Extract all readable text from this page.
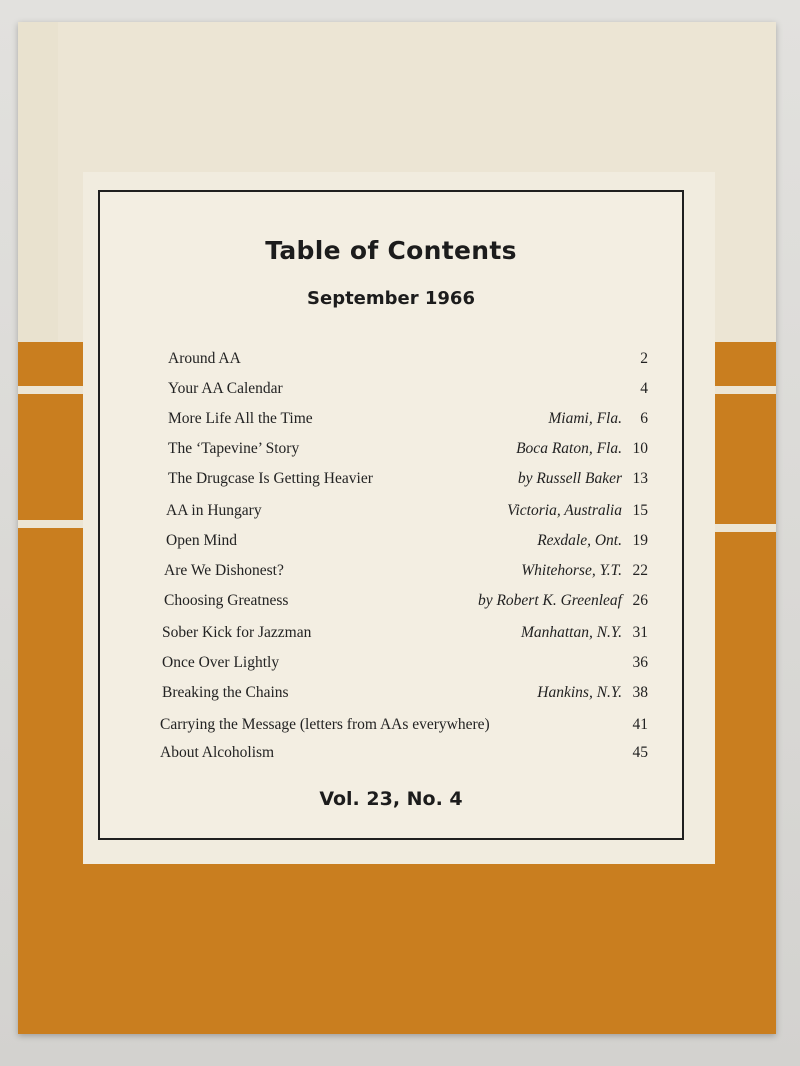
Table of Contents
September 1966
Around AA	2
Your AA Calendar	4
More Life All the Time	Miami, Fla. 6
The ‘Tapevine’ Story	Boca Raton, Fla. 10
The Drugcase Is Getting Heavier	by Russell Baker 13
AA in Hungary	Victoria, Australia 15
Open Mind	Rexdale, Ont. 19
Are We Dishonest?	Whitehorse, Y.T. 22
Choosing Greatness	by Robert K. Greenleaf 26
Sober Kick for Jazzman	Manhattan, N.Y. 31
Once Over Lightly	36
Breaking the Chains	Hankins, N.Y. 38
Carrying the Message (letters from AAs everywhere)	41
About Alcoholism	45
Vol. 23, No. 4
